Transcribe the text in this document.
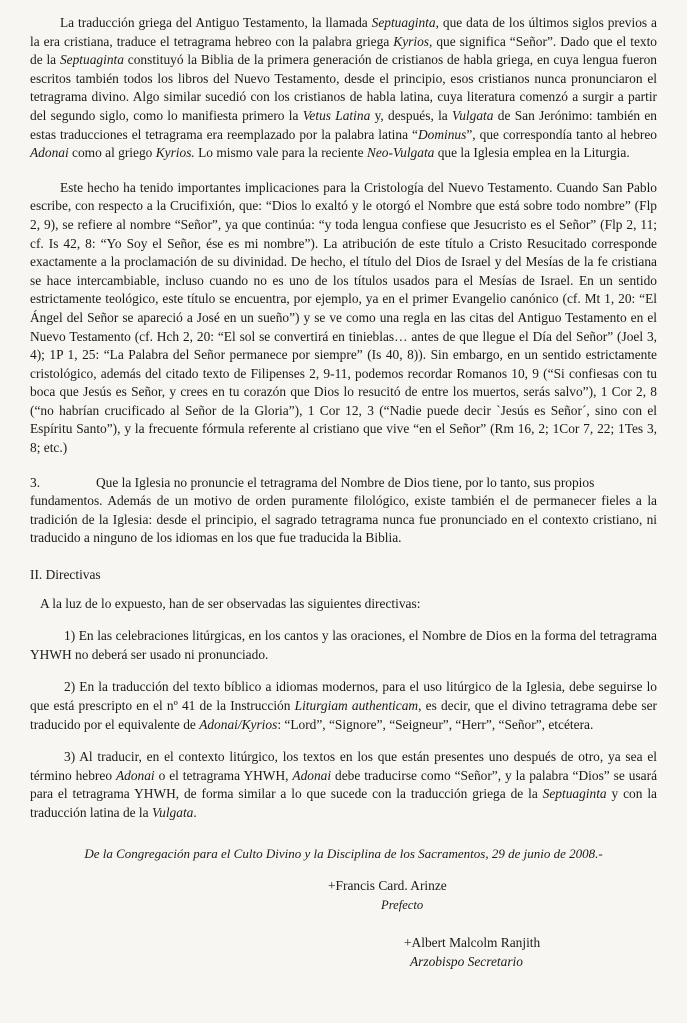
La traducción griega del Antiguo Testamento, la llamada Septuaginta, que data de los últimos siglos previos a la era cristiana, traduce el tetragrama hebreo con la palabra griega Kyrios, que significa “Señor”. Dado que el texto de la Septuaginta constituyó la Biblia de la primera generación de cristianos de habla griega, en cuya lengua fueron escritos también todos los libros del Nuevo Testamento, desde el principio, esos cristianos nunca pronunciaron el tetragrama divino. Algo similar sucedió con los cristianos de habla latina, cuya literatura comenzó a surgir a partir del segundo siglo, como lo manifiesta primero la Vetus Latina y, después, la Vulgata de San Jerónimo: también en estas traducciones el tetragrama era reemplazado por la palabra latina “Dominus”, que correspondía tanto al hebreo Adonai como al griego Kyrios. Lo mismo vale para la reciente Neo-Vulgata que la Iglesia emplea en la Liturgia.

Este hecho ha tenido importantes implicaciones para la Cristología del Nuevo Testamento. Cuando San Pablo escribe, con respecto a la Crucifixión, que: “Dios lo exaltó y le otorgó el Nombre que está sobre todo nombre” (Flp 2, 9), se refiere al nombre “Señor”, ya que continúa: “y toda lengua confiese que Jesucristo es el Señor” (Flp 2, 11; cf. Is 42, 8: “Yo Soy el Señor, ése es mi nombre”). La atribución de este título a Cristo Resucitado corresponde exactamente a la proclamación de su divinidad. De hecho, el título del Dios de Israel y del Mesías de la fe cristiana se hace intercambiable, incluso cuando no es uno de los títulos usados para el Mesías de Israel. En un sentido estrictamente teológico, este título se encuentra, por ejemplo, ya en el primer Evangelio canónico (cf. Mt 1, 20: “El Ángel del Señor se apareció a José en un sueño”) y se ve como una regla en las citas del Antiguo Testamento en el Nuevo Testamento (cf. Hch 2, 20: “El sol se convertirá en tinieblas… antes de que llegue el Día del Señor” (Joel 3, 4); 1P 1, 25: “La Palabra del Señor permanece por siempre” (Is 40, 8)). Sin embargo, en un sentido estrictamente cristológico, además del citado texto de Filipenses 2, 9-11, podemos recordar Romanos 10, 9 (“Si confiesas con tu boca que Jesús es Señor, y crees en tu corazón que Dios lo resucitó de entre los muertos, serás salvo”), 1 Cor 2, 8 (“no habrían crucificado al Señor de la Gloria”), 1 Cor 12, 3 (“Nadie puede decir `Jesús es Señor´, sino con el Espíritu Santo”), y la frecuente fórmula referente al cristiano que vive “en el Señor” (Rm 16, 2; 1Cor 7, 22; 1Tes 3, 8; etc.)

3.	Que la Iglesia no pronuncie el tetragrama del Nombre de Dios tiene, por lo tanto, sus propios

fundamentos. Además de un motivo de orden puramente filológico, existe también el de permanecer fieles a la tradición de la Iglesia: desde el principio, el sagrado tetragrama nunca fue pronunciado en el contexto cristiano, ni traducido a ninguno de los idiomas en los que fue traducida la Biblia.

II. Directivas

A la luz de lo expuesto, han de ser observadas las siguientes directivas:

1) En las celebraciones litúrgicas, en los cantos y las oraciones, el Nombre de Dios en la forma del tetragrama YHWH no deberá ser usado ni pronunciado.

2) En la traducción del texto bíblico a idiomas modernos, para el uso litúrgico de la Iglesia, debe seguirse lo que está prescripto en el nº 41 de la Instrucción Liturgiam authenticam, es decir, que el divino tetragrama debe ser traducido por el equivalente de Adonai/Kyrios: “Lord”, “Signore”, “Seigneur”, “Herr”, “Señor”, etcétera.

3) Al traducir, en el contexto litúrgico, los textos en los que están presentes uno después de otro, ya sea el término hebreo Adonai o el tetragrama YHWH, Adonai debe traducirse como “Señor”, y la palabra “Dios” se usará para el tetragrama YHWH, de forma similar a lo que sucede con la traducción griega de la Septuaginta y con la traducción latina de la Vulgata.

De la Congregación para el Culto Divino y la Disciplina de los Sacramentos, 29 de junio de 2008.-

+Francis Card. Arinze

Prefecto

+Albert Malcolm Ranjith

Arzobispo Secretario
